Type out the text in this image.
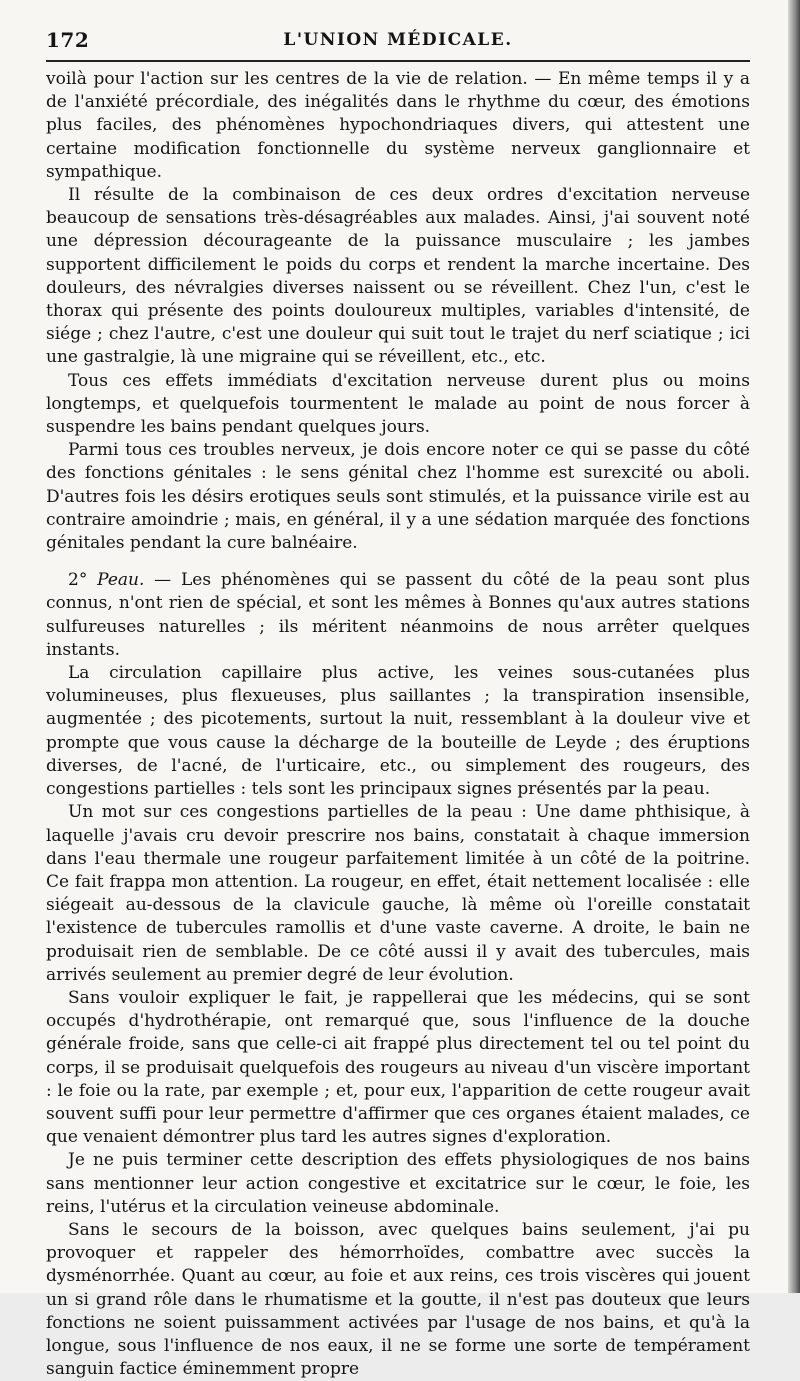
172	L'UNION MÉDICALE.

voilà pour l'action sur les centres de la vie de relation. — En même temps il y a de l'anxiété précordiale, des inégalités dans le rhythme du cœur, des émotions plus faciles, des phénomènes hypochondriaques divers, qui attestent une certaine modification fonctionnelle du système nerveux ganglionnaire et sympathique.

Il résulte de la combinaison de ces deux ordres d'excitation nerveuse beaucoup de sensations très-désagréables aux malades. Ainsi, j'ai souvent noté une dépression décourageante de la puissance musculaire ; les jambes supportent difficilement le poids du corps et rendent la marche incertaine. Des douleurs, des névralgies diverses naissent ou se réveillent. Chez l'un, c'est le thorax qui présente des points douloureux multiples, variables d'intensité, de siége ; chez l'autre, c'est une douleur qui suit tout le trajet du nerf sciatique ; ici une gastralgie, là une migraine qui se réveillent, etc., etc.

Tous ces effets immédiats d'excitation nerveuse durent plus ou moins longtemps, et quelquefois tourmentent le malade au point de nous forcer à suspendre les bains pendant quelques jours.

Parmi tous ces troubles nerveux, je dois encore noter ce qui se passe du côté des fonctions génitales : le sens génital chez l'homme est surexcité ou aboli. D'autres fois les désirs erotiques seuls sont stimulés, et la puissance virile est au contraire amoindrie ; mais, en général, il y a une sédation marquée des fonctions génitales pendant la cure balnéaire.

2° Peau. — Les phénomènes qui se passent du côté de la peau sont plus connus, n'ont rien de spécial, et sont les mêmes à Bonnes qu'aux autres stations sulfureuses naturelles ; ils méritent néanmoins de nous arrêter quelques instants.

La circulation capillaire plus active, les veines sous-cutanées plus volumineuses, plus flexueuses, plus saillantes ; la transpiration insensible, augmentée ; des picotements, surtout la nuit, ressemblant à la douleur vive et prompte que vous cause la décharge de la bouteille de Leyde ; des éruptions diverses, de l'acné, de l'urticaire, etc., ou simplement des rougeurs, des congestions partielles : tels sont les principaux signes présentés par la peau.

Un mot sur ces congestions partielles de la peau : Une dame phthisique, à laquelle j'avais cru devoir prescrire nos bains, constatait à chaque immersion dans l'eau thermale une rougeur parfaitement limitée à un côté de la poitrine. Ce fait frappa mon attention. La rougeur, en effet, était nettement localisée : elle siégeait au-dessous de la clavicule gauche, là même où l'oreille constatait l'existence de tubercules ramollis et d'une vaste caverne. A droite, le bain ne produisait rien de semblable. De ce côté aussi il y avait des tubercules, mais arrivés seulement au premier degré de leur évolution.

Sans vouloir expliquer le fait, je rappellerai que les médecins, qui se sont occupés d'hydrothérapie, ont remarqué que, sous l'influence de la douche générale froide, sans que celle-ci ait frappé plus directement tel ou tel point du corps, il se produisait quelquefois des rougeurs au niveau d'un viscère important : le foie ou la rate, par exemple ; et, pour eux, l'apparition de cette rougeur avait souvent suffi pour leur permettre d'affirmer que ces organes étaient malades, ce que venaient démontrer plus tard les autres signes d'exploration.

Je ne puis terminer cette description des effets physiologiques de nos bains sans mentionner leur action congestive et excitatrice sur le cœur, le foie, les reins, l'utérus et la circulation veineuse abdominale.

Sans le secours de la boisson, avec quelques bains seulement, j'ai pu provoquer et rappeler des hémorrhoïdes, combattre avec succès la dysménorrhée. Quant au cœur, au foie et aux reins, ces trois viscères qui jouent un si grand rôle dans le rhumatisme et la goutte, il n'est pas douteux que leurs fonctions ne soient puissamment activées par l'usage de nos bains, et qu'à la longue, sous l'influence de nos eaux, il ne se forme une sorte de tempérament sanguin factice éminemment propre
